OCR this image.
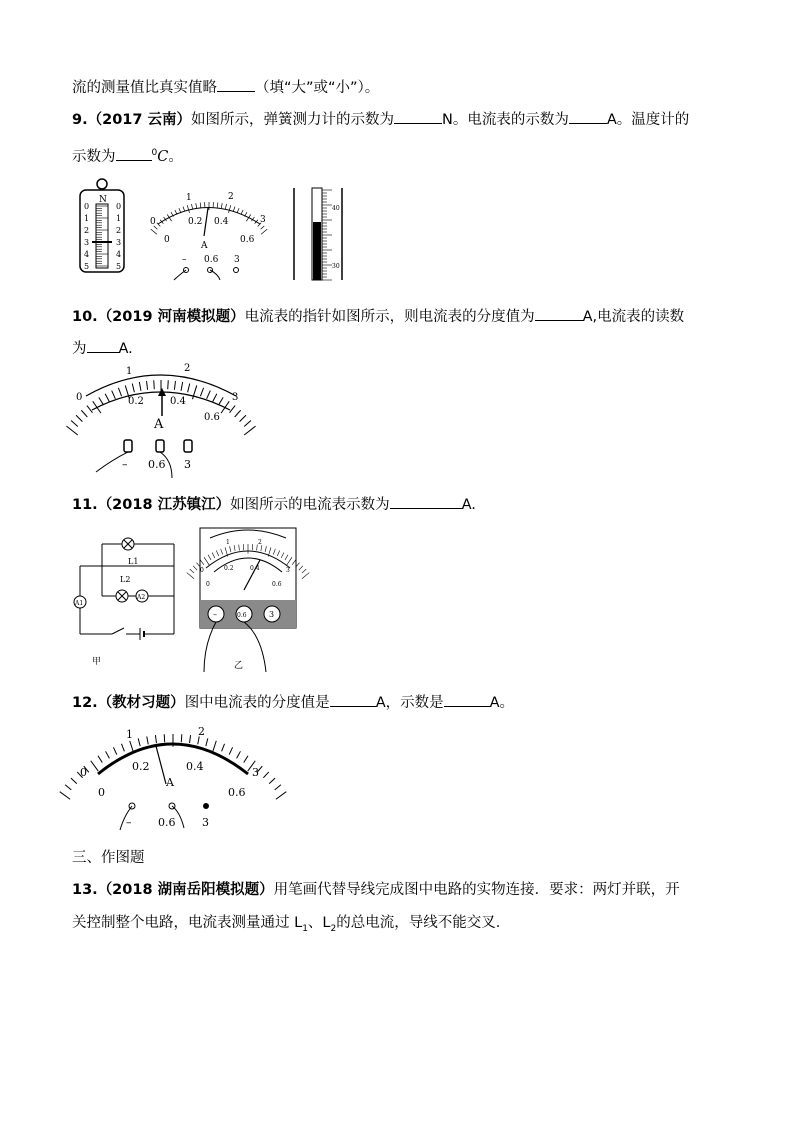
流的测量值比真实值略	（填“大”或“小”）。
9.（2017 云南）如图所示，弹簧测力计的示数为	N。电流表的示数为	A。温度计的
示数为	$^0$C。
N
0	0
1	1
2	2
3	3
4	4
5	5
0
1	2
3
0
0.2 0.4
0.6
A
– 0.6 3
40
30
10.（2019 河南模拟题）电流表的指针如图所示，则电流表的分度值为	A,电流表的读数
为 A.
0
1	2
3
0.2	0.4
0.6
A
– 0.6 3
11.（2018 江苏镇江）如图所示的电流表示数为	A.
L1
L2
A2
A1
甲
0
1	2
3
0
0.2	0.4
0.6
–	0.6	3
乙
12.（教材习题）图中电流表的分度值是	A，示数是	A。
0
1	2
3
0
0.2	0.4
0.6
A
– 0.6 3
三、作图题
13.（2018 湖南岳阳模拟题）用笔画代替导线完成图中电路的实物连接．要求：两灯并联，开
关控制整个电路，电流表测量通过 $L_1$、$L_2$的总电流，导线不能交叉．
